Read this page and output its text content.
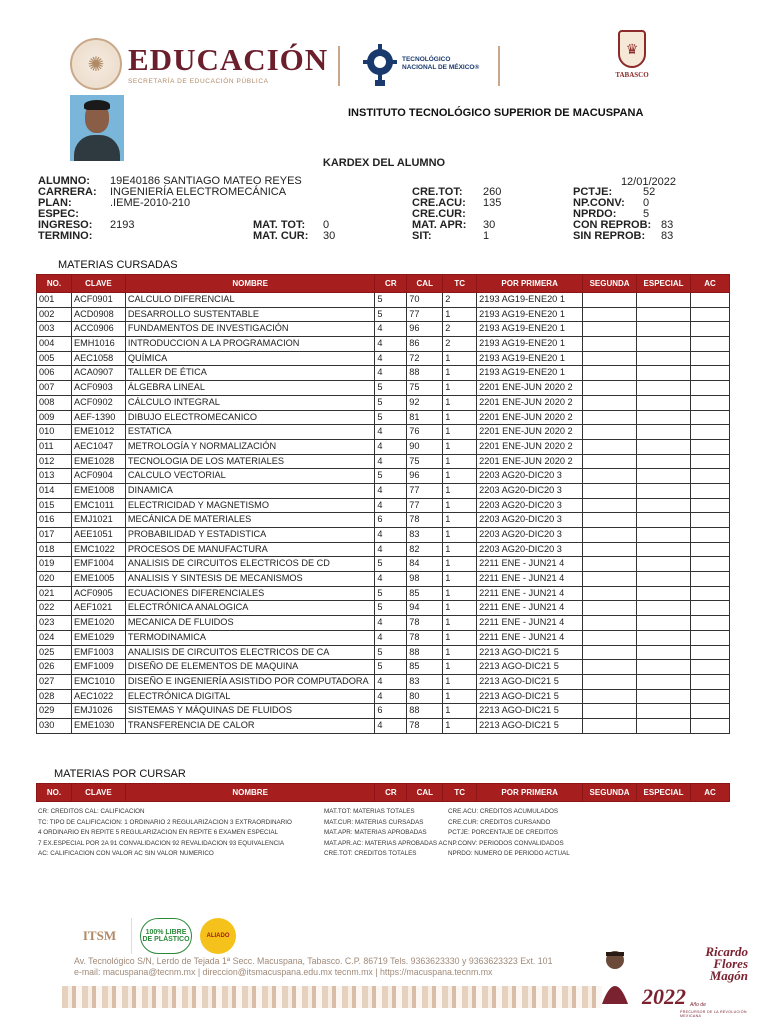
✺ EDUCACIÓN
SECRETARÍA DE EDUCACIÓN PÚBLICA
TECNOLÓGICO
NACIONAL DE MÉXICO®
♛
TABASCO
INSTITUTO TECNOLÓGICO SUPERIOR DE MACUSPANA
KARDEX DEL ALUMNO
12/01/2022
ALUMNO: 19E40186 SANTIAGO MATEO REYES
CARRERA: INGENIERÍA ELECTROMECÁNICA
PLAN:	.IEME-2010-210
ESPEC:
INGRESO: 2193
TERMINO:
MAT. TOT: 0
MAT. CUR: 30
CRE.TOT: 260
CRE.ACU: 135
CRE.CUR:
MAT. APR: 30
SIT:	1
PCTJE:	52
NP.CONV: 0
NPRDO: 5
CON REPROB: 83
SIN REPROB: 83
MATERIAS CURSADAS
NO.	CLAVE	NOMBRE	CR	CAL	TC	POR PRIMERA	SEGUNDA	ESPECIAL	AC
001	ACF0901	CALCULO DIFERENCIAL	5	70	2	2193 AG19-ENE20 1			
002	ACD0908	DESARROLLO SUSTENTABLE	5	77	1	2193 AG19-ENE20 1			
003	ACC0906	FUNDAMENTOS DE INVESTIGACIÓN	4	96	2	2193 AG19-ENE20 1			
004	EMH1016	INTRODUCCION A LA PROGRAMACION	4	86	2	2193 AG19-ENE20 1			
005	AEC1058	QUÍMICA	4	72	1	2193 AG19-ENE20 1			
006	ACA0907	TALLER DE ÉTICA	4	88	1	2193 AG19-ENE20 1			
007	ACF0903	ÁLGEBRA LINEAL	5	75	1	2201 ENE-JUN 2020 2			
008	ACF0902	CÁLCULO INTEGRAL	5	92	1	2201 ENE-JUN 2020 2			
009	AEF-1390	DIBUJO ELECTROMECANICO	5	81	1	2201 ENE-JUN 2020 2			
010	EME1012	ESTATICA	4	76	1	2201 ENE-JUN 2020 2			
011	AEC1047	METROLOGÍA Y NORMALIZACIÓN	4	90	1	2201 ENE-JUN 2020 2			
012	EME1028	TECNOLOGIA DE LOS MATERIALES	4	75	1	2201 ENE-JUN 2020 2			
013	ACF0904	CALCULO VECTORIAL	5	96	1	2203 AG20-DIC20 3			
014	EME1008	DINAMICA	4	77	1	2203 AG20-DIC20 3			
015	EMC1011	ELECTRICIDAD Y MAGNETISMO	4	77	1	2203 AG20-DIC20 3			
016	EMJ1021	MECÁNICA DE MATERIALES	6	78	1	2203 AG20-DIC20 3			
017	AEE1051	PROBABILIDAD Y ESTADISTICA	4	83	1	2203 AG20-DIC20 3			
018	EMC1022	PROCESOS DE MANUFACTURA	4	82	1	2203 AG20-DIC20 3			
019	EMF1004	ANALISIS DE CIRCUITOS ELECTRICOS DE CD	5	84	1	2211 ENE - JUN21 4			
020	EME1005	ANALISIS Y SINTESIS DE MECANISMOS	4	98	1	2211 ENE - JUN21 4			
021	ACF0905	ECUACIONES DIFERENCIALES	5	85	1	2211 ENE - JUN21 4			
022	AEF1021	ELECTRÓNICA ANALOGICA	5	94	1	2211 ENE - JUN21 4			
023	EME1020	MECANICA DE FLUIDOS	4	78	1	2211 ENE - JUN21 4			
024	EME1029	TERMODINAMICA	4	78	1	2211 ENE - JUN21 4			
025	EMF1003	ANALISIS DE CIRCUITOS ELECTRICOS DE CA	5	88	1	2213 AGO-DIC21 5			
026	EMF1009	DISEÑO DE ELEMENTOS DE MAQUINA	5	85	1	2213 AGO-DIC21 5			
027	EMC1010	DISEÑO E INGENIERÍA ASISTIDO POR COMPUTADORA	4	83	1	2213 AGO-DIC21 5			
028	AEC1022	ELECTRÓNICA DIGITAL	4	80	1	2213 AGO-DIC21 5			
029	EMJ1026	SISTEMAS Y MÁQUINAS DE FLUIDOS	6	88	1	2213 AGO-DIC21 5			
030	EME1030	TRANSFERENCIA DE CALOR	4	78	1	2213 AGO-DIC21 5			
MATERIAS POR CURSAR
NO.	CLAVE	NOMBRE	CR	CAL	TC	POR PRIMERA	SEGUNDA	ESPECIAL	AC
CR: CREDITOS CAL: CALIFICACION
TC: TIPO DE CALIFICACION: 1 ORDINARIO 2 REGULARIZACION 3 EXTRAORDINARIO
4 ORDINARIO EN REPITE 5 REGULARIZACION EN REPITE 6 EXAMEN ESPECIAL
7 EX.ESPECIAL POR 2A 91 CONVALIDACION 92 REVALIDACION 93 EQUIVALENCIA
AC: CALIFICACION CON VALOR AC SIN VALOR NUMERICO
MAT.TOT: MATERIAS TOTALES
MAT.CUR: MATERIAS CURSADAS
MAT.APR: MATERIAS APROBADAS
MAT.APR.AC: MATERIAS APROBADAS AC
CRE.TOT: CREDITOS TOTALES
CRE.ACU: CREDITOS ACUMULADOS
CRE.CUR: CREDITOS CURSANDO
PCTJE: PORCENTAJE DE CREDITOS
NP.CONV: PERIODOS CONVALIDADOS
NPRDO: NUMERO DE PERIODO ACTUAL
ITSM	100% LIBRE DE PLÁSTICO	ALIADO
Av. Tecnológico S/N, Lerdo de Tejada 1ª Secc. Macuspana, Tabasco. C.P. 86719 Tels. 9363623330 y 9363623323 Ext. 101
e-mail: macuspana@tecnm.mx | direccion@itsmacuspana.edu.mx tecnm.mx | https://macuspana.tecnm.mx
Ricardo Flores Magón
2022 Año de
PRECURSOR DE LA REVOLUCIÓN MEXICANA
